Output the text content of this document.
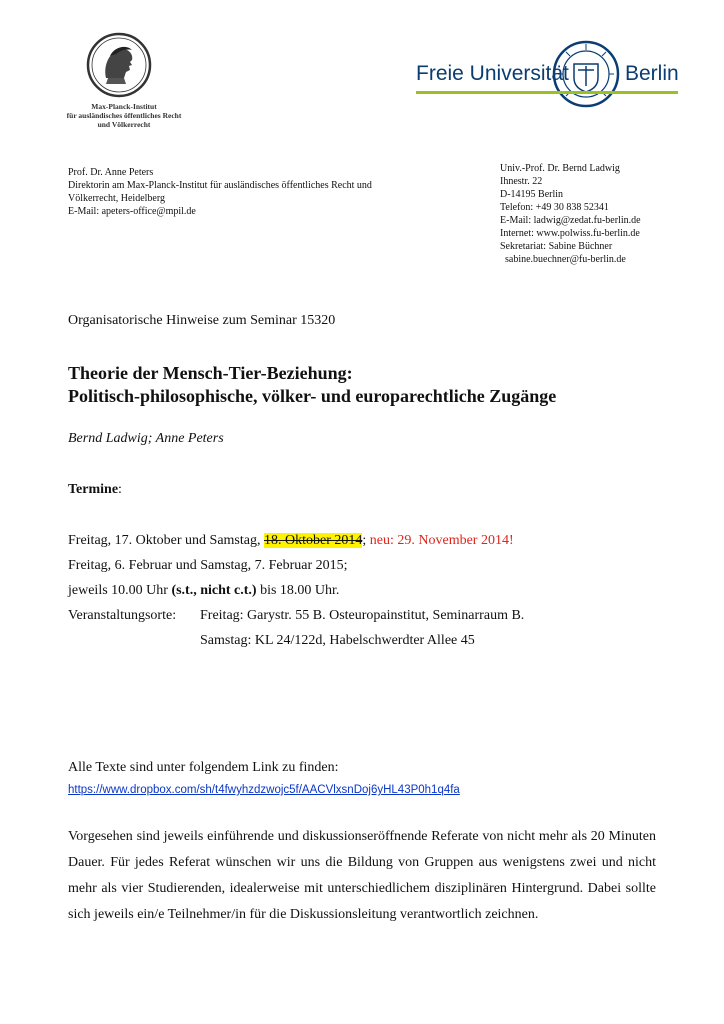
Max-Planck-Institut
für ausländisches öffentliches Recht
und Völkerrecht
Freie Universität	Berlin
Prof. Dr. Anne Peters
Direktorin am Max-Planck-Institut für ausländisches öffentliches Recht und
Völkerrecht, Heidelberg
E-Mail: apeters-office@mpil.de
Univ.-Prof. Dr. Bernd Ladwig
Ihnestr. 22
D-14195 Berlin
Telefon: +49 30 838 52341
E-Mail: ladwig@zedat.fu-berlin.de
Internet: www.polwiss.fu-berlin.de
Sekretariat: Sabine Büchner
sabine.buechner@fu-berlin.de
Organisatorische Hinweise zum Seminar 15320
Theorie der Mensch-Tier-Beziehung:
Politisch-philosophische, völker- und europarechtliche Zugänge
Bernd Ladwig; Anne Peters
Termine:
Freitag, 17. Oktober und Samstag, 18. Oktober 2014; neu: 29. November 2014!
Freitag, 6. Februar und Samstag, 7. Februar 2015;
jeweils 10.00 Uhr (s.t., nicht c.t.) bis 18.00 Uhr.
Veranstaltungsorte: Freitag: Garystr. 55 B. Osteuropainstitut, Seminarraum B.
Samstag: KL 24/122d, Habelschwerdter Allee 45
Alle Texte sind unter folgendem Link zu finden:
https://www.dropbox.com/sh/t4fwyhzdzwojc5f/AACVlxsnDoj6yHL43P0h1q4fa
Vorgesehen sind jeweils einführende und diskussionseröffnende Referate von nicht mehr als 20 Minuten Dauer. Für jedes Referat wünschen wir uns die Bildung von Gruppen aus wenigstens zwei und nicht mehr als vier Studierenden, idealerweise mit unterschiedlichem disziplinären Hintergrund. Dabei sollte sich jeweils ein/e Teilnehmer/in für die Diskussionsleitung verantwortlich zeichnen.
